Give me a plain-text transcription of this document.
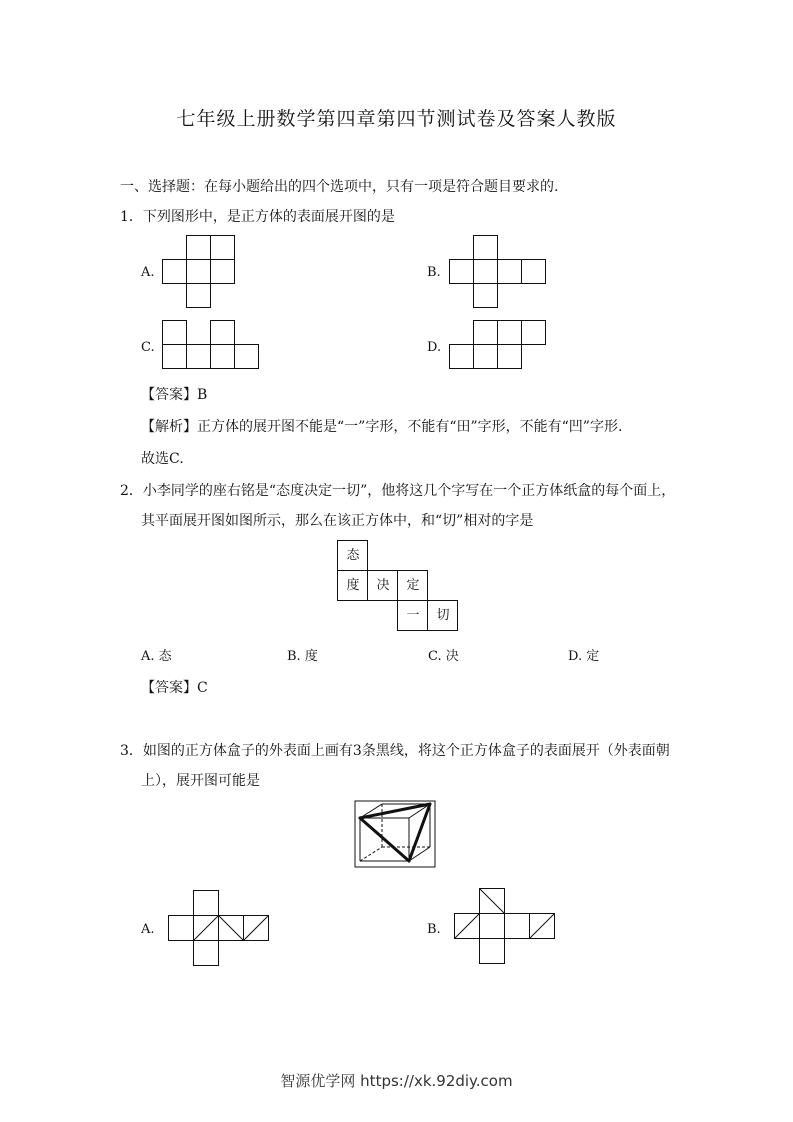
七年级上册数学第四章第四节测试卷及答案人教版
一、选择题：在每小题给出的四个选项中，只有一项是符合题目要求的.
1．下列图形中，是正方体的表面展开图的是
A.	B.
C.	D.
【答案】B
【解析】正方体的展开图不能是“一”字形，不能有“田”字形，不能有“凹”字形.
故选C.
2．小李同学的座右铭是“态度决定一切”，他将这几个字写在一个正方体纸盒的每个面上，
其平面展开图如图所示，那么在该正方体中，和“切”相对的字是
态
度	决	定
一	切
A. 态	B. 度	C. 决	D. 定
【答案】C
3．如图的正方体盒子的外表面上画有3条黑线，将这个正方体盒子的表面展开（外表面朝
上），展开图可能是
A.	B.
智源优学网 https://xk.92diy.com
